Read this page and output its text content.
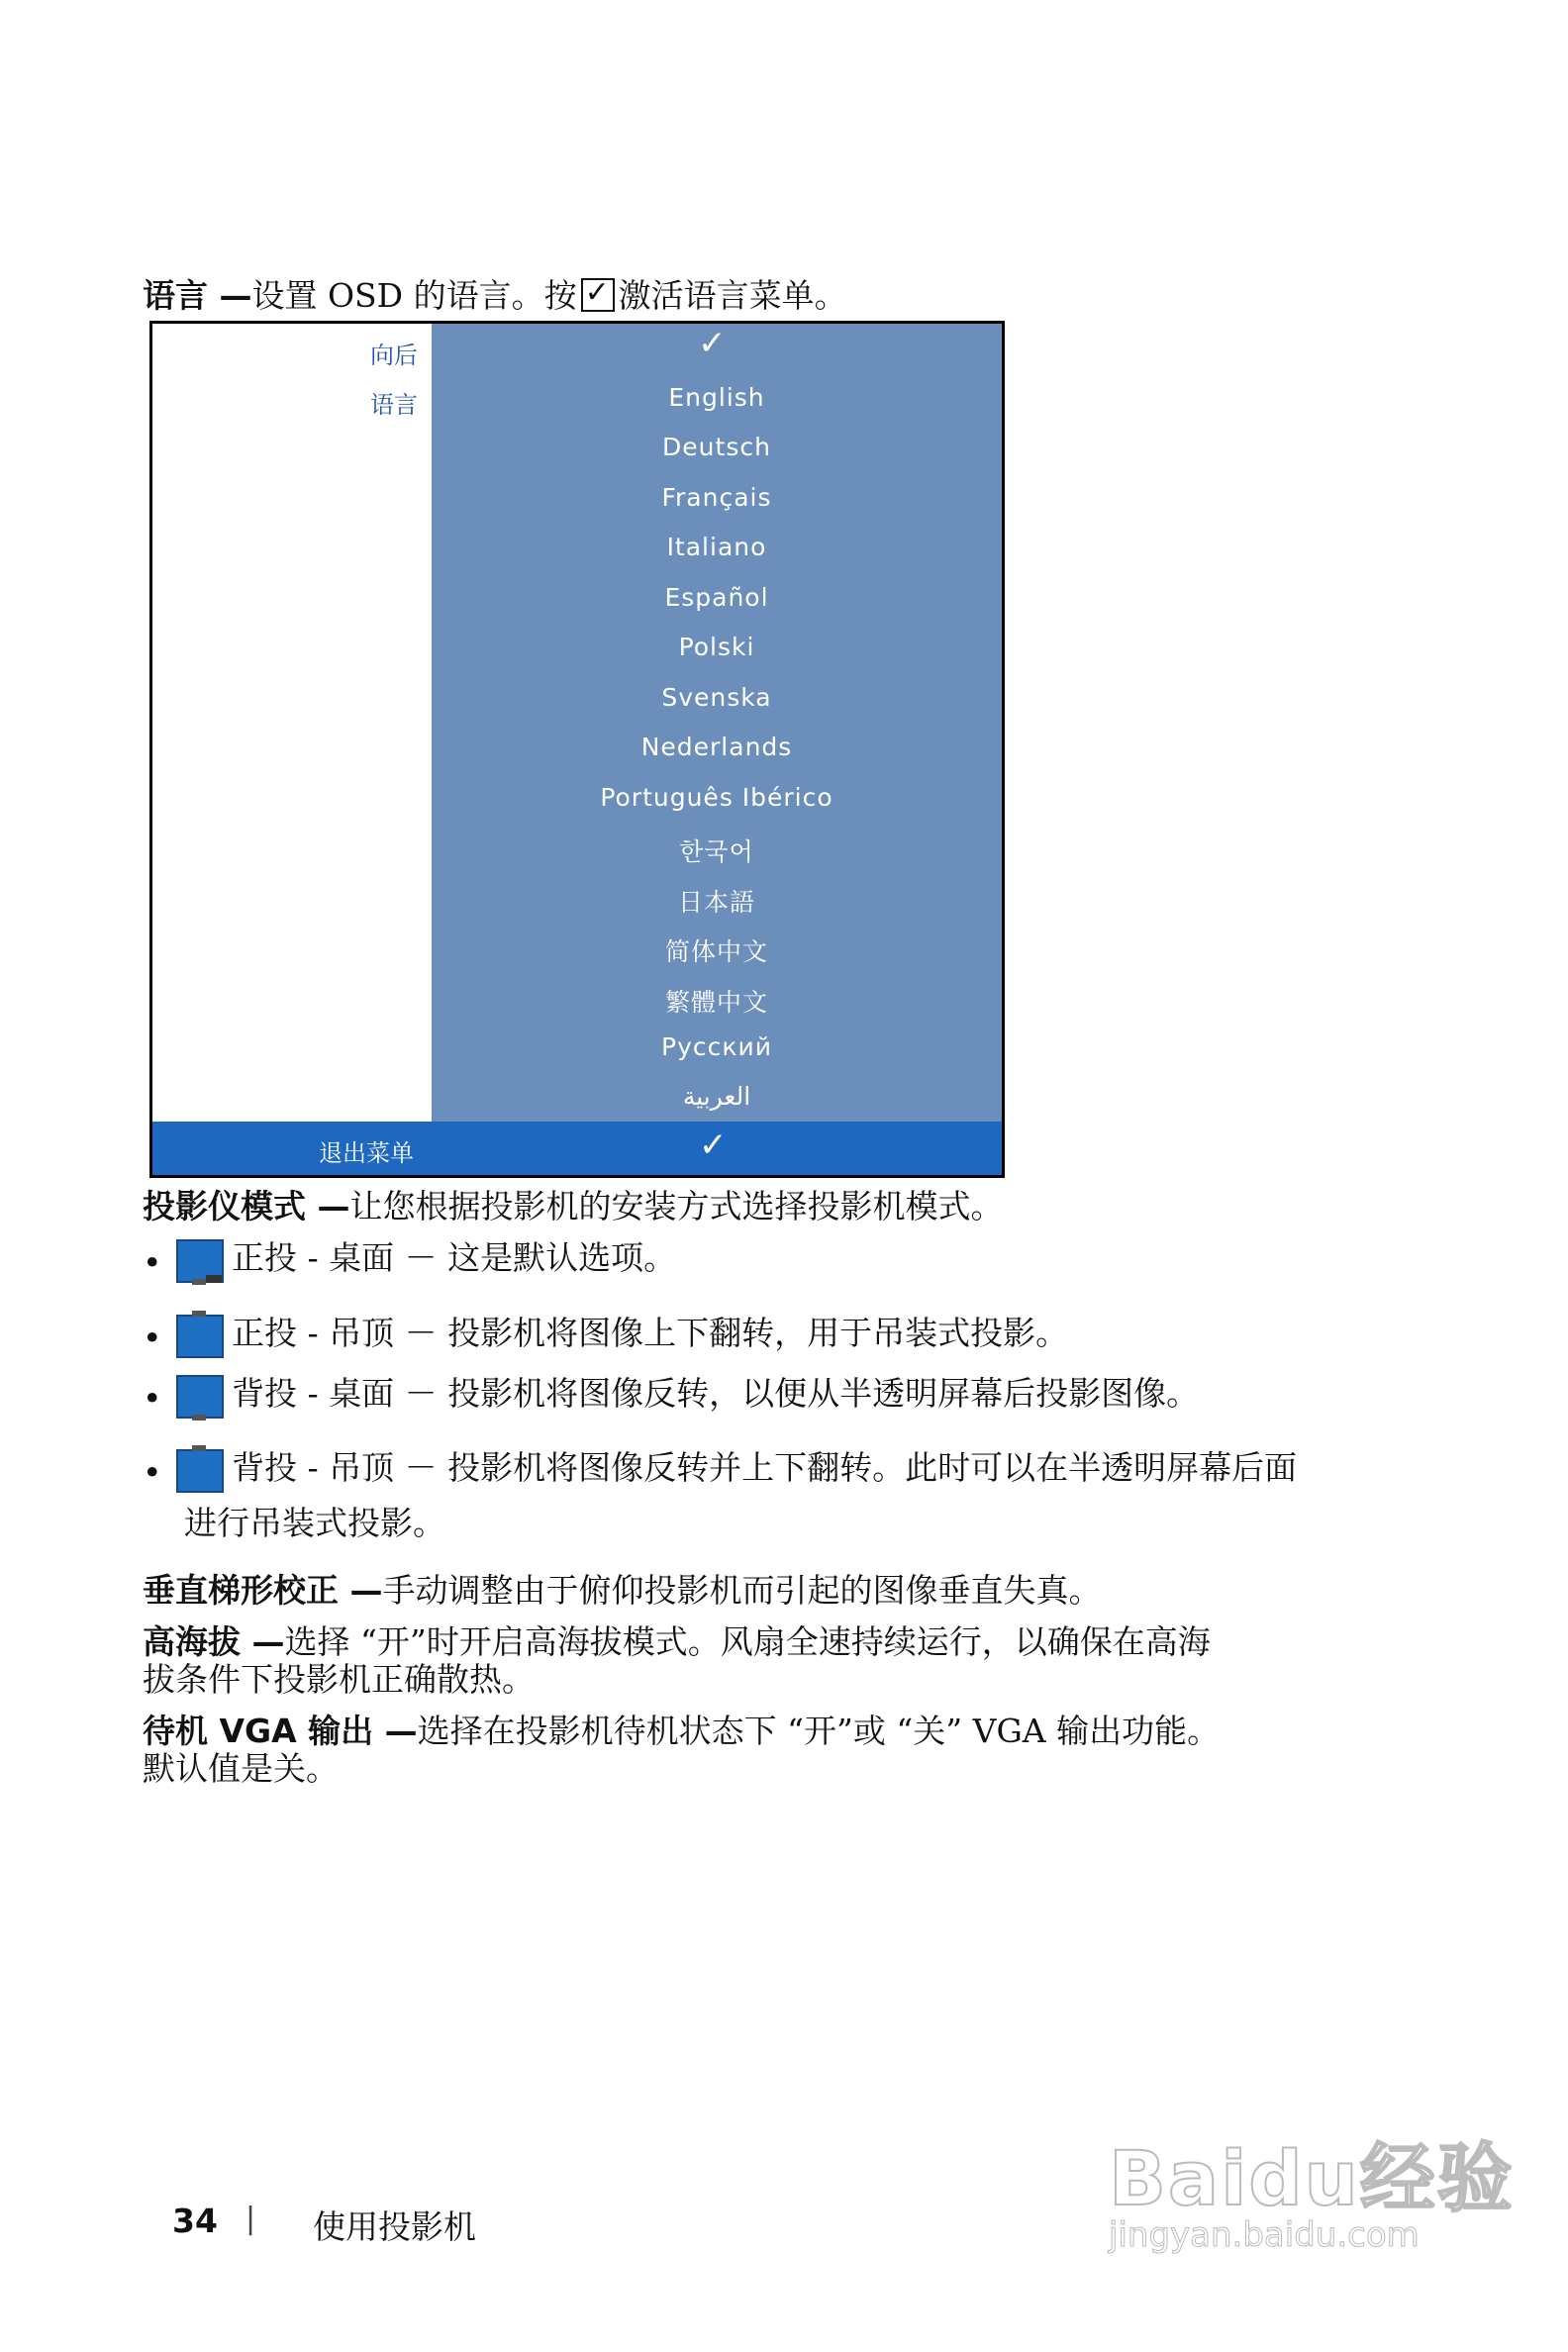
语言 —设置 OSD 的语言。按✓ 激活语言菜单。
向后
语言
✓
English
Deutsch
Français
Italiano
Español
Polski
Svenska
Nederlands
Português Ibérico
한국어
日本語
简体中文
繁體中文
Русский
العربية
退出菜单	✓
投影仪模式 —让您根据投影机的安装方式选择投影机模式。
•	正投 - 桌面 － 这是默认选项。
•	正投 - 吊顶 － 投影机将图像上下翻转，用于吊装式投影。
•	背投 - 桌面 － 投影机将图像反转，以便从半透明屏幕后投影图像。
•	背投 - 吊顶 － 投影机将图像反转并上下翻转。此时可以在半透明屏幕后面
进行吊装式投影。
垂直梯形校正 —手动调整由于俯仰投影机而引起的图像垂直失真。
高海拔 —选择 “开”时开启高海拔模式。风扇全速持续运行，以确保在高海
拔条件下投影机正确散热。
待机 VGA 输出 —选择在投影机待机状态下 “开”或 “关” VGA 输出功能。
默认值是关。
34 | 使用投影机
Baidu经验
jingyan.baidu.com
